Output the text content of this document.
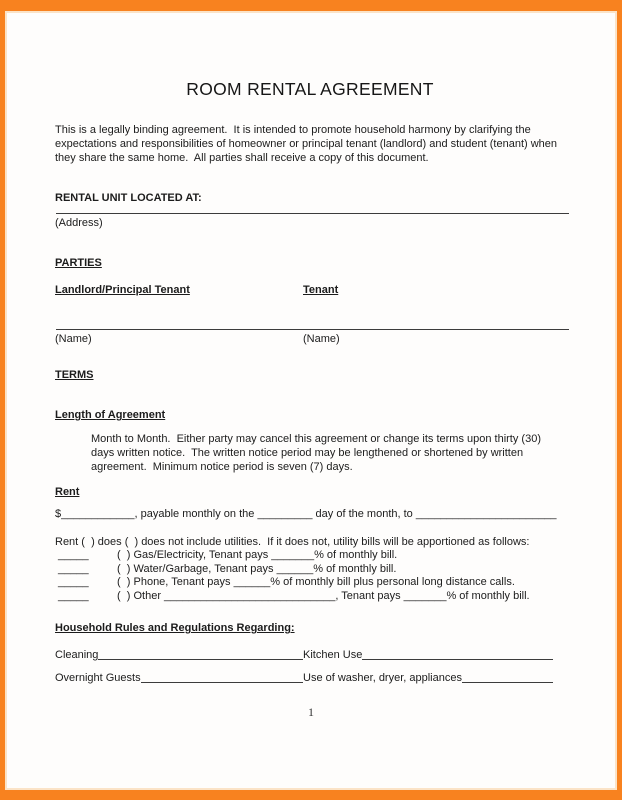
ROOM RENTAL AGREEMENT

This is a legally binding agreement.  It is intended to promote household harmony by clarifying the expectations and responsibilities of homeowner or principal tenant (landlord) and student (tenant) when they share the same home.  All parties shall receive a copy of this document.

RENTAL UNIT LOCATED AT:
(Address)
PARTIES
Landlord/Principal Tenant	Tenant
(Name)	(Name)
TERMS
Length of Agreement

Month to Month.  Either party may cancel this agreement or change its terms upon thirty (30) days written notice.  The written notice period may be lengthened or shortened by written agreement.  Minimum notice period is seven (7) days.

Rent

$____________, payable monthly on the _________ day of the month, to _______________________

Rent (  ) does (  ) does not include utilities.  If it does not, utility bills will be apportioned as follows:

_____	(  ) Gas/Electricity, Tenant pays _______% of monthly bill.
_____	(  ) Water/Garbage, Tenant pays ______% of monthly bill.
_____	(  ) Phone, Tenant pays ______% of monthly bill plus personal long distance calls.
_____	(  ) Other ____________________________, Tenant pays _______% of monthly bill.
Household Rules and Regulations Regarding:
Cleaning	Kitchen Use
Overnight Guests	Use of washer, dryer, appliances
1
